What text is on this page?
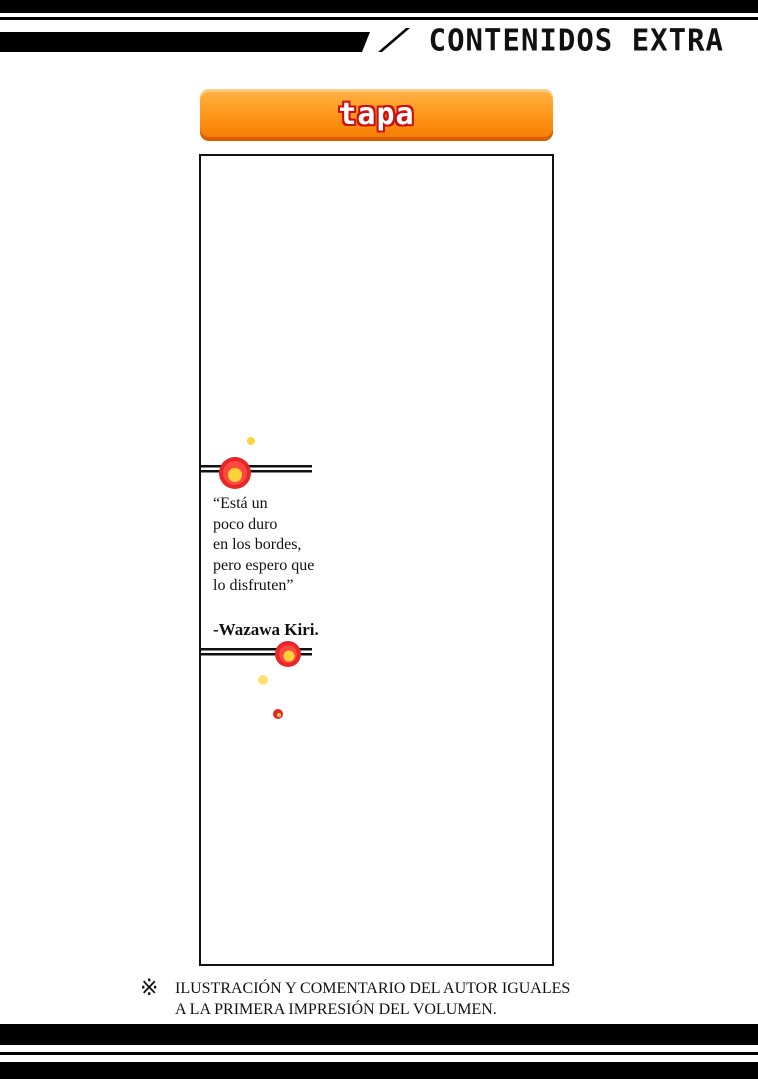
CONTENIDOS EXTRA
tapa
“Está un
poco duro
en los bordes,
pero espero que
lo disfruten”
-Wazawa Kiri.
※ ILUSTRACIÓN Y COMENTARIO DEL AUTOR IGUALES
A LA PRIMERA IMPRESIÓN DEL VOLUMEN.
